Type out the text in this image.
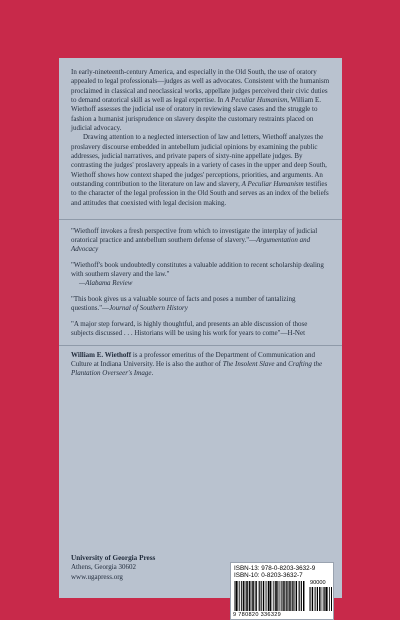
In early-nineteenth-century America, and especially in the Old South, the use of oratory appealed to legal professionals—judges as well as advocates. Consistent with the humanism proclaimed in classical and neoclassical works, appellate judges perceived their civic duties to demand oratorical skill as well as legal expertise. In A Peculiar Humanism, William E. Wiethoff assesses the judicial use of oratory in reviewing slave cases and the struggle to fashion a humanist jurisprudence on slavery despite the customary restraints placed on judicial advocacy.

Drawing attention to a neglected intersection of law and letters, Wiethoff analyzes the proslavery discourse embedded in antebellum judicial opinions by examining the public addresses, judicial narratives, and private papers of sixty-nine appellate judges. By contrasting the judges' proslavery appeals in a variety of cases in the upper and deep South, Wiethoff shows how context shaped the judges' perceptions, priorities, and arguments. An outstanding contribution to the literature on law and slavery, A Peculiar Humanism testifies to the character of the legal profession in the Old South and serves as an index of the beliefs and attitudes that coexisted with legal decision making.

"Wiethoff invokes a fresh perspective from which to investigate the interplay of judicial oratorical practice and antebellum southern defense of slavery."—Argumentation and Advocacy

"Wiethoff's book undoubtedly constitutes a valuable addition to recent scholarship dealing with southern slavery and the law."
—Alabama Review

"This book gives us a valuable source of facts and poses a number of tantalizing questions."—Journal of Southern History

"A major step forward, is highly thoughtful, and presents an able discussion of those subjects discussed . . . Historians will be using his work for years to come"—H-Net

William E. Wiethoff is a professor emeritus of the Department of Communication and Culture at Indiana University. He is also the author of The Insolent Slave and Crafting the Plantation Overseer's Image.

University of Georgia Press
Athens, Georgia 30602
www.ugapress.org
ISBN-13: 978-0-8203-3632-9
ISBN-10: 0-8203-3632-7
90000
9 780820 336329
